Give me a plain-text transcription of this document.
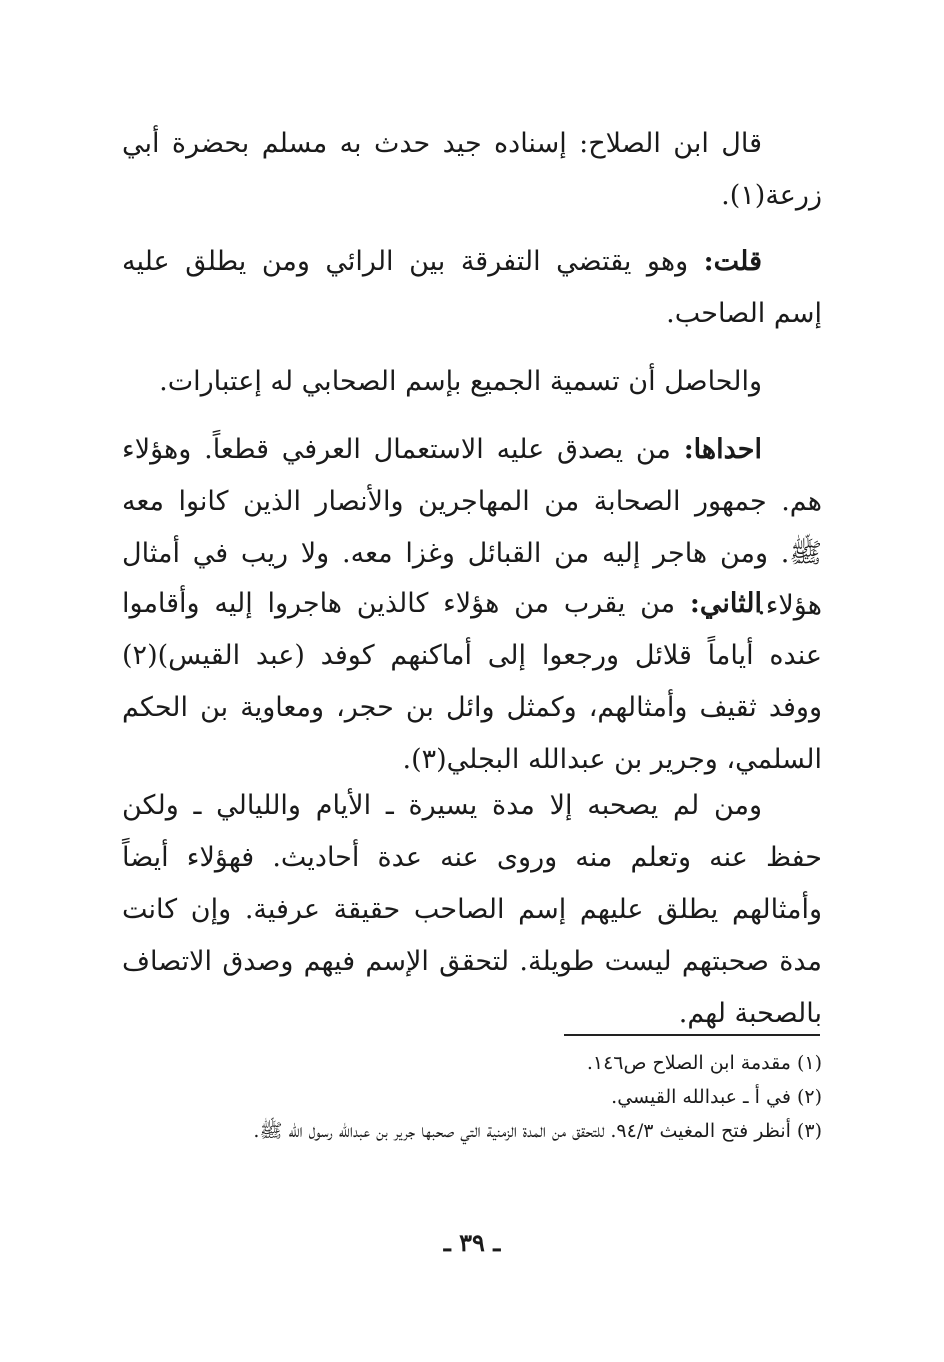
قال ابن الصلاح: إسناده جيد حدث به مسلم بحضرة أبي زرعة(١).

قلت: وهو يقتضي التفرقة بين الرائي ومن يطلق عليه إسم الصاحب.

والحاصل أن تسمية الجميع بإسم الصحابي له إعتبارات.

احداها: من يصدق عليه الاستعمال العرفي قطعاً. وهؤلاء هم. جمهور الصحابة من المهاجرين والأنصار الذين كانوا معه ﷺ. ومن هاجر إليه من القبائل وغزا معه. ولا ريب في أمثال هؤلاء.

الثاني: من يقرب من هؤلاء كالذين هاجروا إليه وأقاموا عنده أياماً قلائل ورجعوا إلى أماكنهم كوفد (عبد القيس)(٢) ووفد ثقيف وأمثالهم، وكمثل وائل بن حجر، ومعاوية بن الحكم السلمي، وجرير بن عبدالله البجلي(٣).

ومن لم يصحبه إلا مدة يسيرة ـ الأيام والليالي ـ ولكن حفظ عنه وتعلم منه وروى عنه عدة أحاديث. فهؤلاء أيضاً وأمثالهم يطلق عليهم إسم الصاحب حقيقة عرفية. وإن كانت مدة صحبتهم ليست طويلة. لتحقق الإسم فيهم وصدق الاتصاف بالصحبة لهم.

(١) مقدمة ابن الصلاح ص١٤٦.

(٢) في أ ـ عبدالله القيسي.

(٣) أنظر فتح المغيث ٩٤/٣. للتحقق من المدة الزمنية التي صحبها جرير بن عبدالله رسول الله ﷺ.

ـ ٣٩ ـ
